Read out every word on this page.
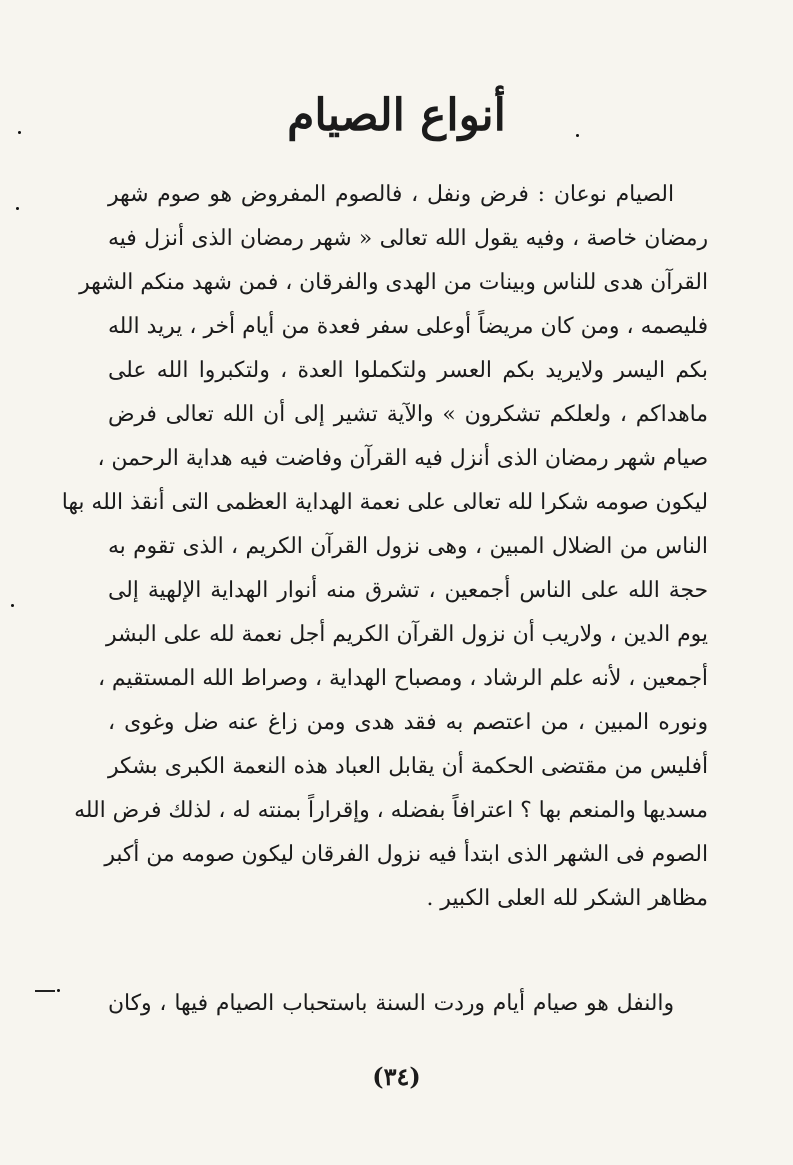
أنواع الصيام
الصيام نوعان : فرض ونفل ، فالصوم المفروض هو صوم شهر
رمضان خاصة ، وفيه يقول الله تعالى « شهر رمضان الذى أنزل فيه
القرآن هدى للناس وبينات من الهدى والفرقان ، فمن شهد منكم الشهر
فليصمه ، ومن كان مريضاً أوعلى سفر فعدة من أيام أخر ، يريد الله
بكم اليسر ولايريد بكم العسر ولتكملوا العدة ، ولتكبروا الله على
ماهداكم ، ولعلكم تشكرون » والآية تشير إلى أن الله تعالى فرض
صيام شهر رمضان الذى أنزل فيه القرآن وفاضت فيه هداية الرحمن ،
ليكون صومه شكرا لله تعالى على نعمة الهداية العظمى التى أنقذ الله بها
الناس من الضلال المبين ، وهى نزول القرآن الكريم ، الذى تقوم به
حجة الله على الناس أجمعين ، تشرق منه أنوار الهداية الإلهية إلى
يوم الدين ، ولاريب أن نزول القرآن الكريم أجل نعمة لله على البشر
أجمعين ، لأنه علم الرشاد ، ومصباح الهداية ، وصراط الله المستقيم ،
ونوره المبين ، من اعتصم به فقد هدى ومن زاغ عنه ضل وغوى ،
أفليس من مقتضى الحكمة أن يقابل العباد هذه النعمة الكبرى بشكر
مسديها والمنعم بها ؟ اعترافاً بفضله ، وإقراراً بمنته له ، لذلك فرض الله
الصوم فى الشهر الذى ابتدأ فيه نزول الفرقان ليكون صومه من أكبر
مظاهر الشكر لله العلى الكبير .
والنفل هو صيام أيام وردت السنة باستحباب الصيام فيها ، وكان
(٣٤)
